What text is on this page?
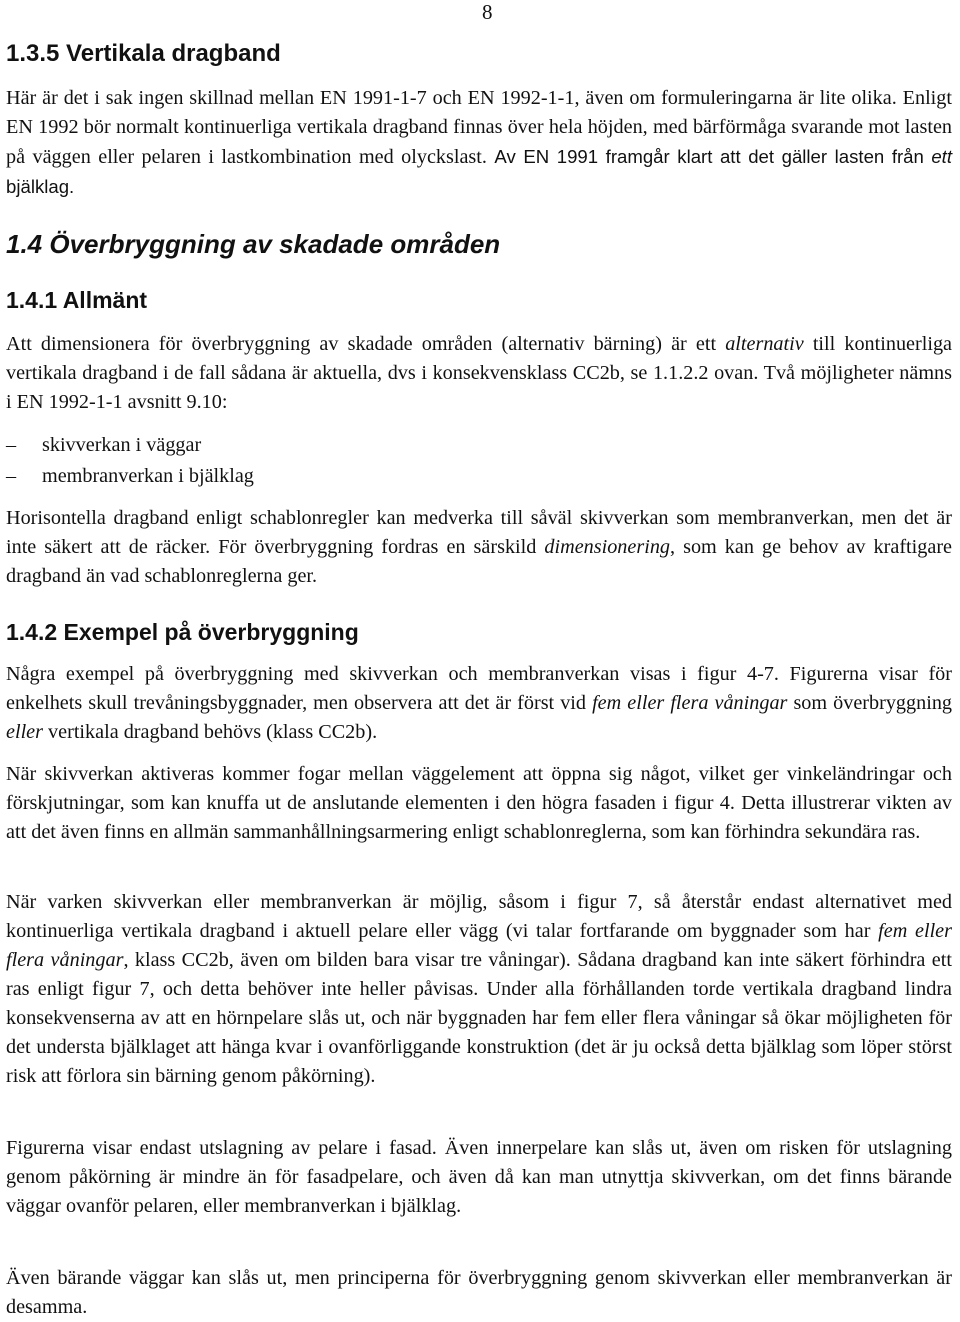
8
1.3.5 Vertikala dragband

Här är det i sak ingen skillnad mellan EN 1991-1-7 och EN 1992-1-1, även om formuleringarna är lite olika. Enligt EN 1992 bör normalt kontinuerliga vertikala dragband finnas över hela höjden, med bärförmåga svarande mot lasten på väggen eller pelaren i lastkombination med olyckslast. Av EN 1991 framgår klart att det gäller lasten från ett bjälklag.

1.4 Överbryggning av skadade områden
1.4.1 Allmänt

Att dimensionera för överbryggning av skadade områden (alternativ bärning) är ett alternativ till kontinuerliga vertikala dragband i de fall sådana är aktuella, dvs i konsekvensklass CC2b, se 1.1.2.2 ovan. Två möjligheter nämns i EN 1992-1-1 avsnitt 9.10:

– skivverkan i väggar
– membranverkan i bjälklag

Horisontella dragband enligt schablonregler kan medverka till såväl skivverkan som membranverkan, men det är inte säkert att de räcker. För överbryggning fordras en särskild dimensionering, som kan ge behov av kraftigare dragband än vad schablonreglerna ger.

1.4.2 Exempel på överbryggning

Några exempel på överbryggning med skivverkan och membranverkan visas i figur 4-7. Figurerna visar för enkelhets skull trevåningsbyggnader, men observera att det är först vid fem eller flera våningar som överbryggning eller vertikala dragband behövs (klass CC2b).

När skivverkan aktiveras kommer fogar mellan väggelement att öppna sig något, vilket ger vinkeländringar och förskjutningar, som kan knuffa ut de anslutande elementen i den högra fasaden i figur 4. Detta illustrerar vikten av att det även finns en allmän sammanhållningsarmering enligt schablonreglerna, som kan förhindra sekundära ras.

När varken skivverkan eller membranverkan är möjlig, såsom i figur 7, så återstår endast alternativet med kontinuerliga vertikala dragband i aktuell pelare eller vägg (vi talar fortfarande om byggnader som har fem eller flera våningar, klass CC2b, även om bilden bara visar tre våningar). Sådana dragband kan inte säkert förhindra ett ras enligt figur 7, och detta behöver inte heller påvisas. Under alla förhållanden torde vertikala dragband lindra konsekvenserna av att en hörnpelare slås ut, och när byggnaden har fem eller flera våningar så ökar möjligheten för det understa bjälklaget att hänga kvar i ovanförliggande konstruktion (det är ju också detta bjälklag som löper störst risk att förlora sin bärning genom påkörning).

Figurerna visar endast utslagning av pelare i fasad. Även innerpelare kan slås ut, även om risken för utslagning genom påkörning är mindre än för fasadpelare, och även då kan man utnyttja skivverkan, om det finns bärande väggar ovanför pelaren, eller membranverkan i bjälklag.

Även bärande väggar kan slås ut, men principerna för överbryggning genom skivverkan eller membranverkan är desamma.
